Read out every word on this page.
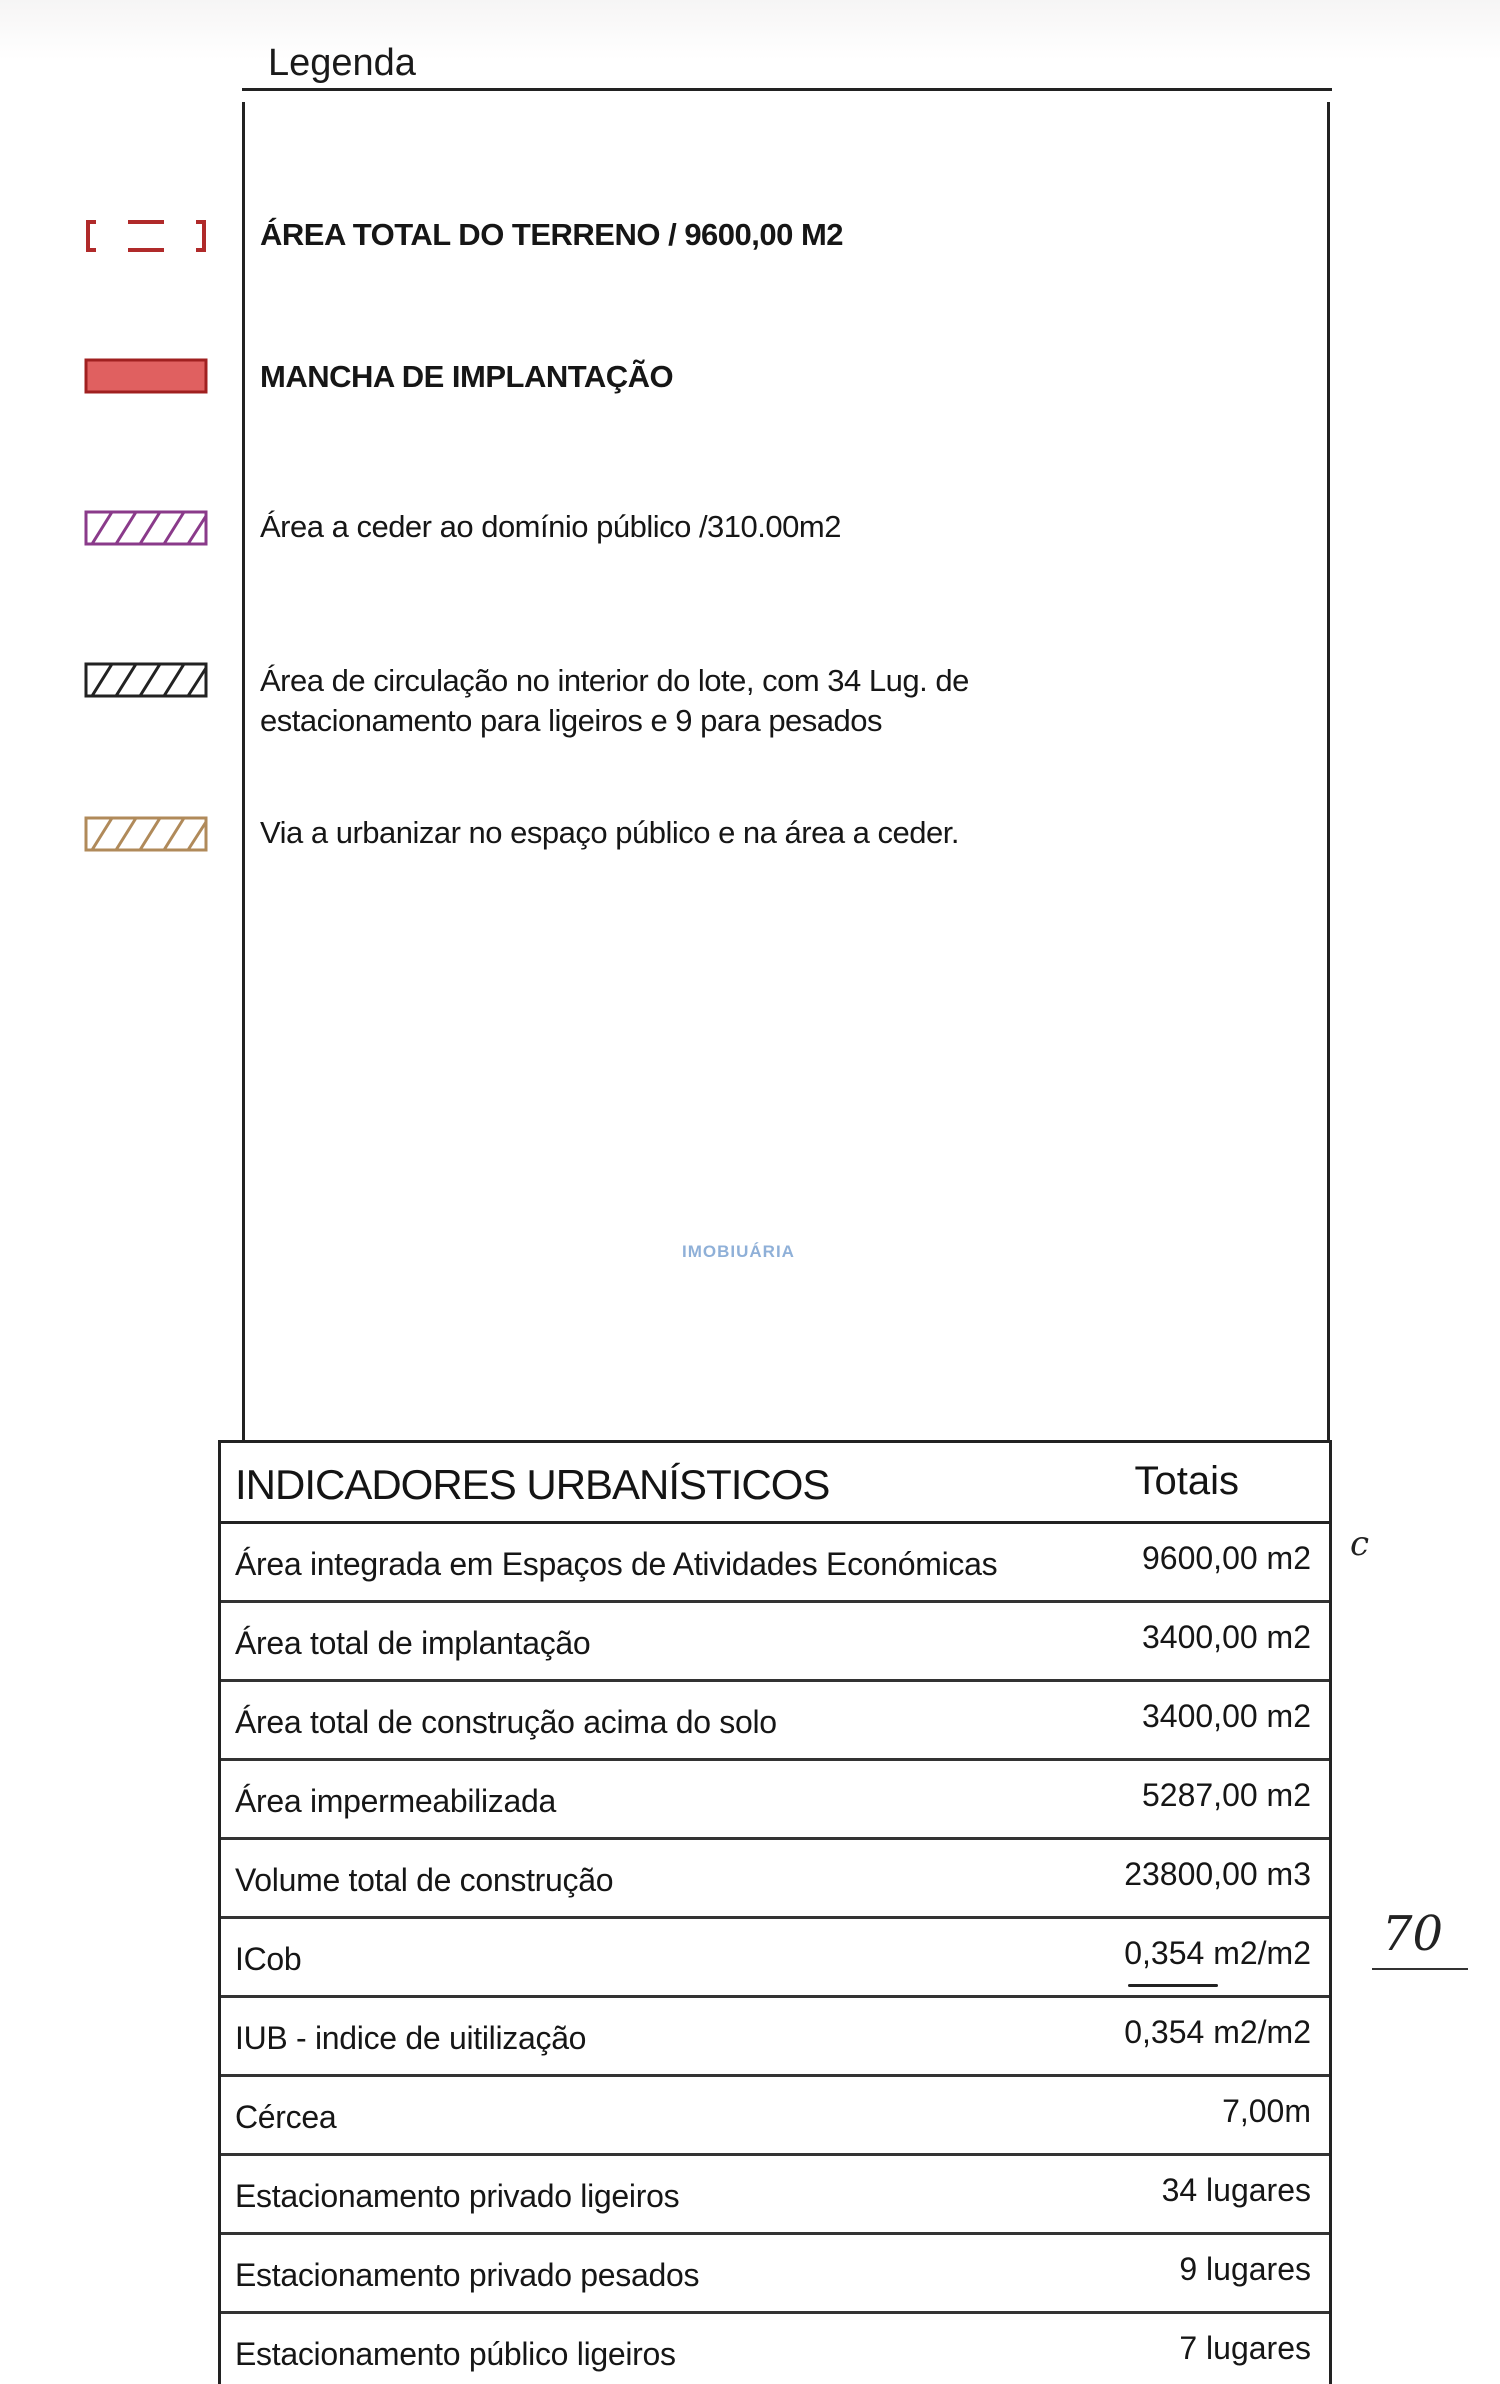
Legenda
ÁREA TOTAL DO TERRENO / 9600,00 M2
MANCHA DE IMPLANTAÇÃO
Área a ceder ao domínio público /310.00m2
Área de circulação no interior do lote, com 34 Lug. de
estacionamento para ligeiros e 9 para pesados
Via a urbanizar no espaço público e na área a ceder.
IMOBIUÁRIA
INDICADORES URBANÍSTICOS	Totais
Área integrada em Espaços de Atividades Económicas	9600,00 m2
Área total de implantação	3400,00 m2
Área total de construção acima do solo	3400,00 m2
Área impermeabilizada	5287,00 m2
Volume total de construção	23800,00 m3
ICob	0,354 m2/m2
IUB - indice de uitilização	0,354 m2/m2
Cércea	7,00m
Estacionamento privado ligeiros	34 lugares
Estacionamento privado pesados	9 lugares
Estacionamento público ligeiros	7 lugares
c
70
